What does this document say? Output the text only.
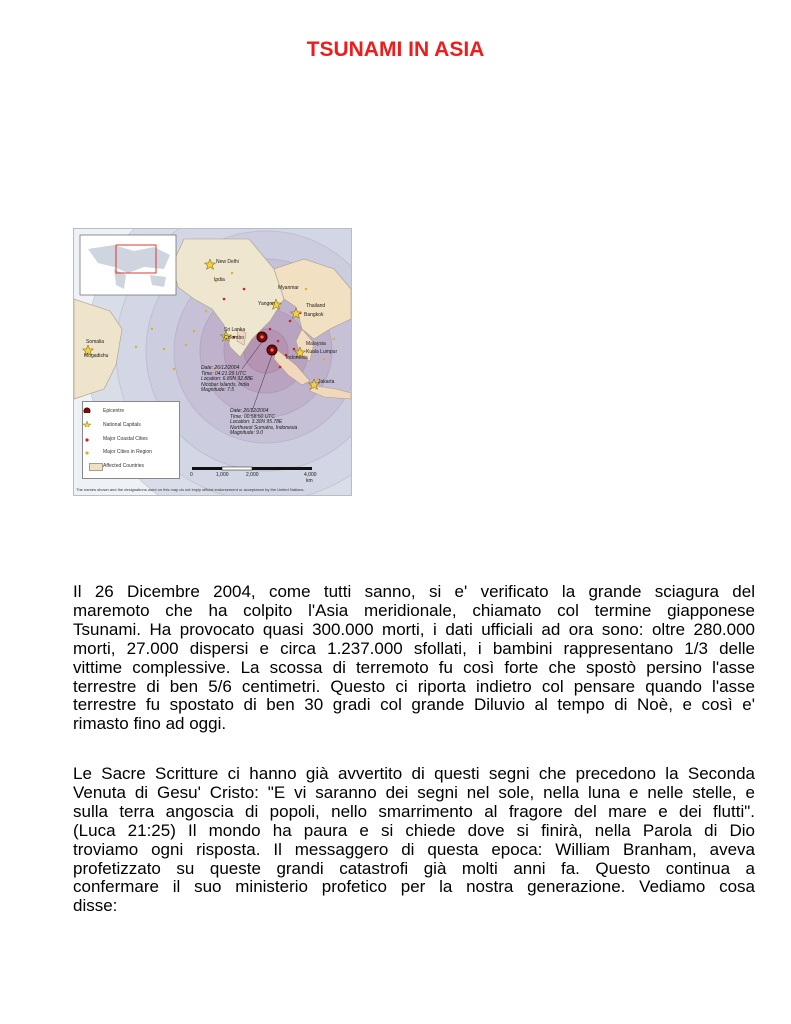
TSUNAMI IN ASIA
New Delhi
India
Myanmar
Yangon	Thailand
Bangkok
Sri Lanka
Colombo
Somalia
Mogadishu
Malaysia
Kuala Lumpur
Indonesia
Jakarta
Date: 26/12/2004
Time: 04:21:29 UTC
Location: 6.89N 92.88E
Nicobar Islands, India
Magnitude: 7.5
Date: 26/12/2004
Time: 00:58:50 UTC
Location: 3.30N 95.78E
Northwest Sumatra, Indonesia
Magnitude: 9.0
Epicentre
National Capitals
Major Coastal Cities
Major Cities in Region
Affected Countries
0	1,000	2,000	4,000
km
The names shown and the designations used on this map do not imply official endorsement or acceptance by the United Nations.
Il 26 Dicembre 2004, come tutti sanno, si e' verificato la grande sciagura del
maremoto che ha colpito l'Asia meridionale, chiamato col termine giapponese
Tsunami. Ha provocato quasi 300.000 morti, i dati ufficiali ad ora sono: oltre 280.000
morti, 27.000 dispersi e circa 1.237.000 sfollati, i bambini rappresentano 1/3 delle
vittime complessive. La scossa di terremoto fu così forte che spostò persino l'asse
terrestre di ben 5/6 centimetri. Questo ci riporta indietro col pensare quando l'asse
terrestre fu spostato di ben 30 gradi col grande Diluvio al tempo di Noè, e così e'
rimasto fino ad oggi.
Le Sacre Scritture ci hanno già avvertito di questi segni che precedono la Seconda
Venuta di Gesu' Cristo: "E vi saranno dei segni nel sole, nella luna e nelle stelle, e
sulla terra angoscia di popoli, nello smarrimento al fragore del mare e dei flutti".
(Luca 21:25) Il mondo ha paura e si chiede dove si finirà, nella Parola di Dio
troviamo ogni risposta. Il messaggero di questa epoca: William Branham, aveva
profetizzato su queste grandi catastrofi già molti anni fa. Questo continua a
confermare il suo ministerio profetico per la nostra generazione. Vediamo cosa
disse:
